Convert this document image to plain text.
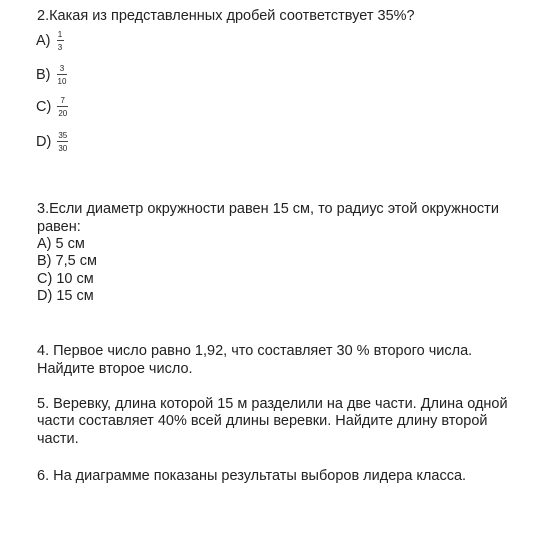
2.Какая из представленных дробей соответствует 35%?
$A) \frac{1}{3}$
$B) \frac{3}{10}$
$C) \frac{7}{20}$
$D) \frac{35}{30}$
3.Если диаметр окружности равен 15 см, то радиус этой окружности
равен:
A) 5 см
B) 7,5 см
C) 10 см
D) 15 см
4. Первое число равно 1,92, что составляет 30 % второго числа.
Найдите второе число.
5. Веревку, длина которой 15 м разделили на две части. Длина одной
части составляет 40% всей длины веревки. Найдите длину второй
части.
6. На диаграмме показаны результаты выборов лидера класса.
